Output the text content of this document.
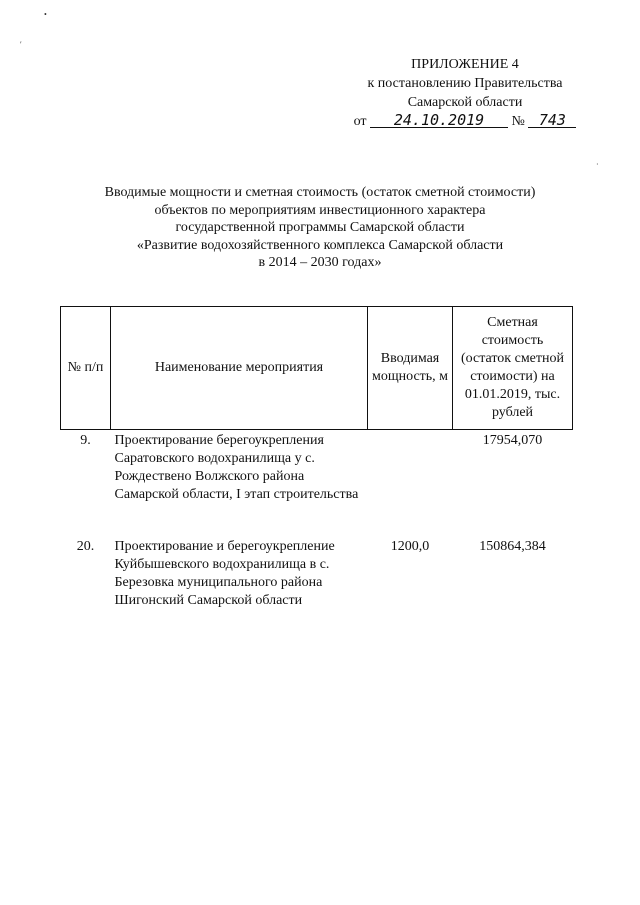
•
′
·
ПРИЛОЖЕНИЕ 4
к постановлению Правительства
Самарской области
от 24.10.2019 № 743
Вводимые мощности и сметная стоимость (остаток сметной стоимости)
объектов по мероприятиям инвестиционного характера
государственной программы Самарской области
«Развитие водохозяйственного комплекса Самарской области
в 2014 – 2030 годах»
№ п/п	Наименование мероприятия	Вводимая мощность, м	Сметная стоимость (остаток сметной стоимости) на 01.01.2019, тыс. рублей
9.	Проектирование берегоукрепления Саратовского водохранилища у с. Рождествено Волжского района Самарской области, I этап строительства		17954,070
20.	Проектирование и берегоукрепление Куйбышевского водохранилища в с. Березовка муниципального района Шигонский Самарской области	1200,0	150864,384
